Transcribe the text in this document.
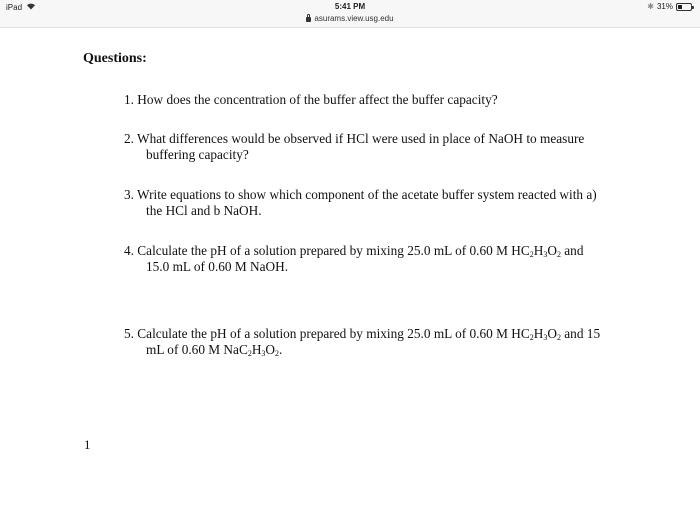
iPad	5:41 PM
asurams.view.usg.edu
✱ 31%
Questions:
1. How does the concentration of the buffer affect the buffer capacity?
2. What differences would be observed if HCl were used in place of NaOH to measure
buffering capacity?
3. Write equations to show which component of the acetate buffer system reacted with a)
the HCl and b NaOH.
4. Calculate the pH of a solution prepared by mixing 25.0 mL of 0.60 M $HC_2H_3O_2$ and
15.0 mL of 0.60 M NaOH.
5. Calculate the pH of a solution prepared by mixing 25.0 mL of 0.60 M $HC_2H_3O_2$ and 15
mL of 0.60 M $NaC_2H_3O_2$.
1
